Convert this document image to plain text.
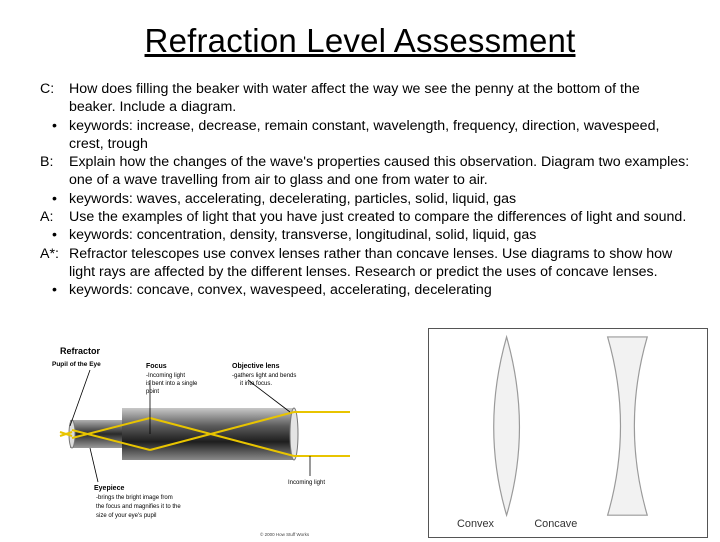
Refraction Level Assessment
C:	How does filling the beaker with water affect the way we see the penny at the bottom of the beaker. Include a diagram.
• keywords: increase, decrease, remain constant, wavelength, frequency, direction, wavespeed, crest, trough
B:	Explain how the changes of the wave's properties caused this observation. Diagram two examples: one of a wave travelling from air to glass and one from water to air.
• keywords: waves, accelerating, decelerating, particles, solid, liquid, gas
A:	Use the examples of light that you have just created to compare the differences of light and sound.
• keywords: concentration, density, transverse, longitudinal, solid, liquid, gas
A*: Refractor telescopes use convex lenses rather than concave lenses. Use diagrams to show how light rays are affected by the different lenses. Research or predict the uses of concave lenses.
• keywords: concave, convex, wavespeed, accelerating, decelerating
Refractor
Focus
-Incoming light
is bent into a single
point
Objective lens
-gathers light and bends
it into focus.
Pupil of the Eye
Incoming light
Eyepiece
-brings the bright image from
the focus and magnifies it to the
size of your eye's pupil
© 2000 How Stuff Works
Convex	Concave
